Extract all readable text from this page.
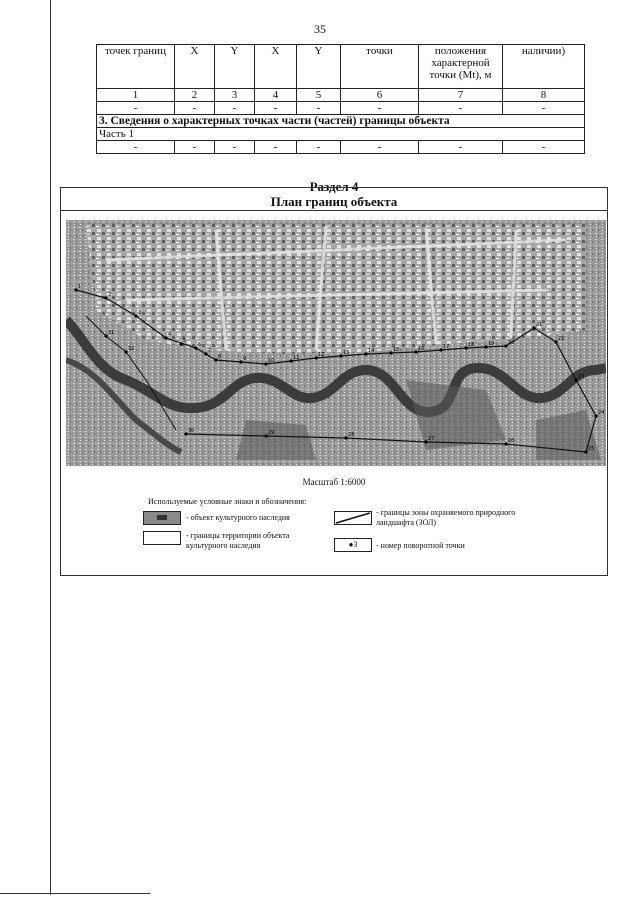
35
точек границ	X	Y	X	Y	точки	положения характерной точки (Mt), м	наличии)
1	2	3	4	5	6	7	8
-	-	-	-	-	-	-	-
3. Сведения о характерных точках части (частей) границы объекта							
Часть 1							
-	-	-	-	-	-	-	-
Раздел 4
План границ объекта
1
2
3
4
5
6
7
8	9	10	11	12	13	14	15	16	17	18	19	20
21
22
23
24
25
26
27
28
29
30
31
32
Масштаб 1:6000
Используемые условные знаки и обозначения:
- объект культурного наследия
- границы территории объекта культурного наследия
- границы зоны охраняемого природного ландшафта (ЗОЛ)
●3	- номер поворотной точки
